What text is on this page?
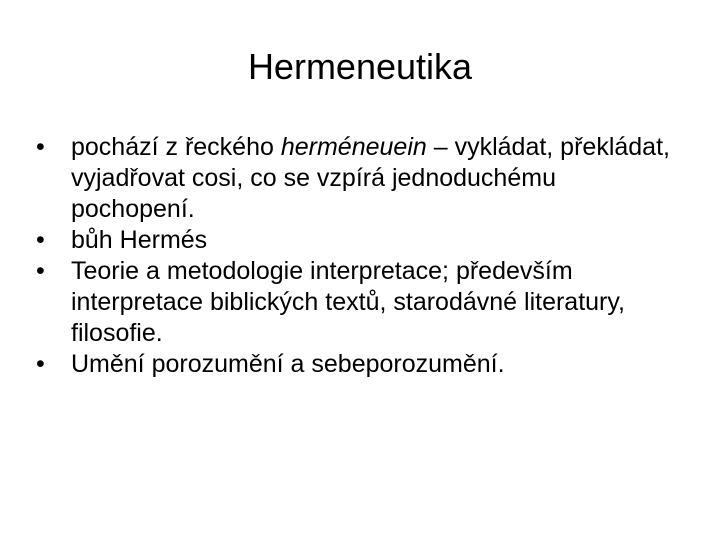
Hermeneutika
•	pochází z řeckého herméneuein – vykládat, překládat, vyjadřovat cosi, co se vzpírá jednoduchému pochopení.
•	bůh Hermés
•	Teorie a metodologie interpretace; především interpretace biblických textů, starodávné literatury, filosofie.
•	Umění porozumění a sebeporozumění.
